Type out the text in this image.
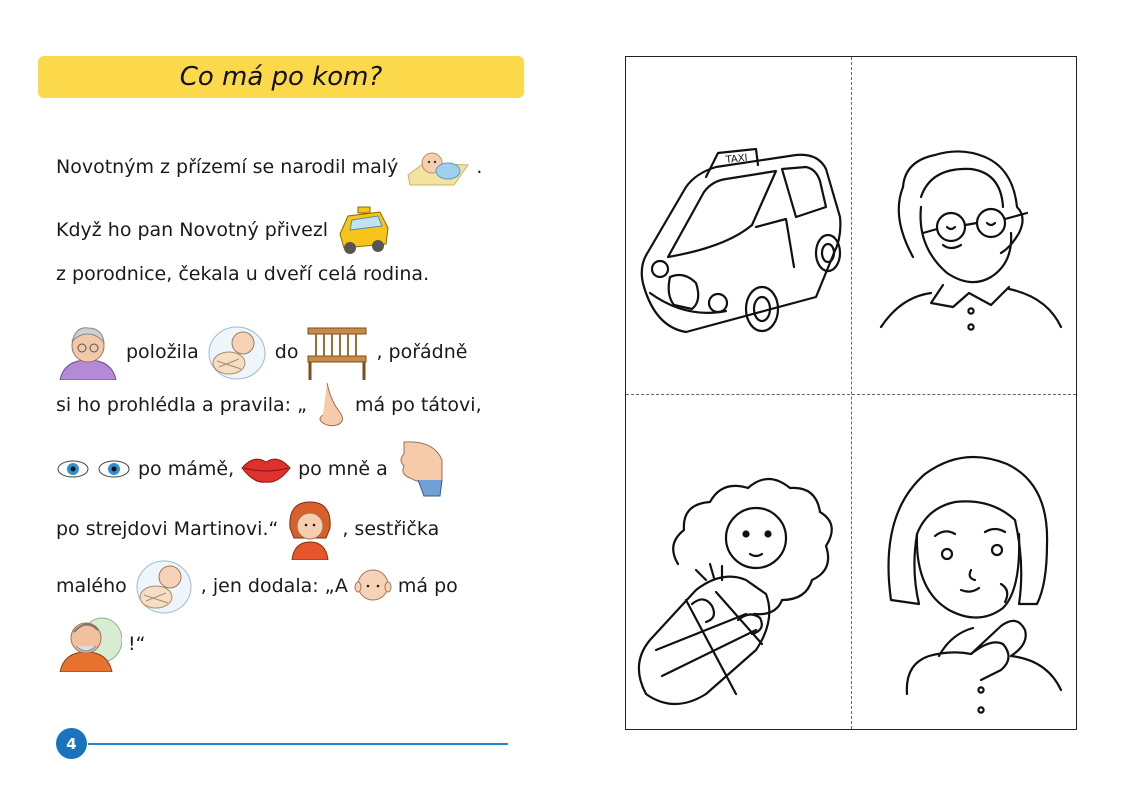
Co má po kom?
Novotným z přízemí se narodil malý	.
Když ho pan Novotný přivezl
z porodnice, čekala u dveří celá rodina.
položila	do	, pořádně
si ho prohlédla a pravila: „	má po tátovi,
po mámě,	po mně a
po strejdovi Martinovi.“	, sestřička
malého	, jen dodala: „A	má po
!“
4
TAXI
